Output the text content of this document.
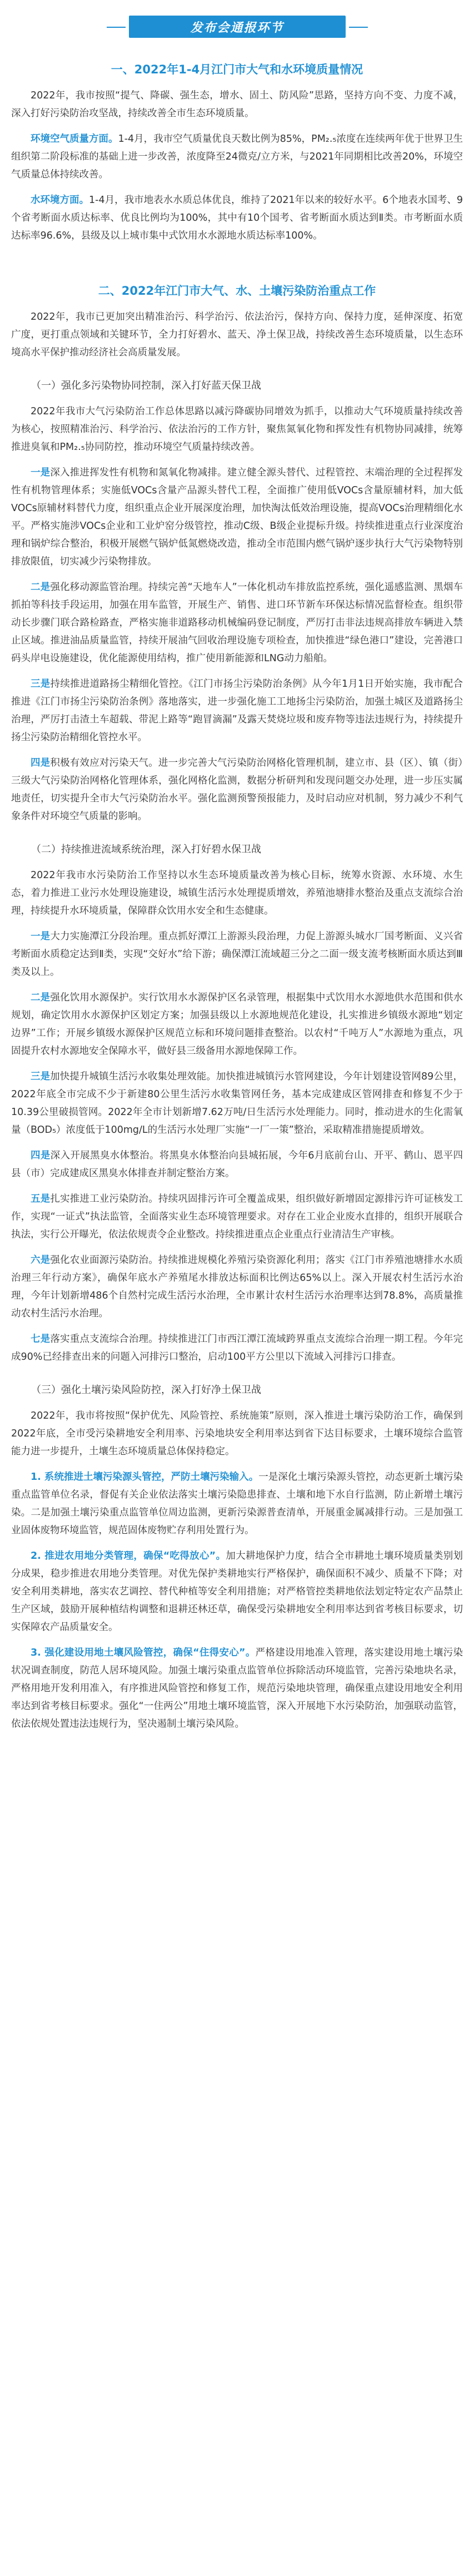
发布会通报环节
一、2022年1-4月江门市大气和水环境质量情况

2022年，我市按照“提气、降碳、强生态，增水、固土、防风险”思路，坚持方向不变、力度不减，深入打好污染防治攻坚战，持续改善全市生态环境质量。

环境空气质量方面。1-4月，我市空气质量优良天数比例为85%，PM₂.₅浓度在连续两年优于世界卫生组织第二阶段标准的基础上进一步改善，浓度降至24微克/立方米，与2021年同期相比改善20%，环境空气质量总体持续改善。

水环境方面。1-4月，我市地表水水质总体优良，维持了2021年以来的较好水平。6个地表水国考、9个省考断面水质达标率、优良比例均为100%，其中有10个国考、省考断面水质达到Ⅱ类。市考断面水质达标率96.6%，县级及以上城市集中式饮用水水源地水质达标率100%。

二、2022年江门市大气、水、土壤污染防治重点工作

2022年，我市已更加突出精准治污、科学治污、依法治污，保持方向、保持力度，延伸深度、拓宽广度，更打重点领域和关键环节，全力打好碧水、蓝天、净土保卫战，持续改善生态环境质量，以生态环境高水平保护推动经济社会高质量发展。

（一）强化多污染物协同控制，深入打好蓝天保卫战

2022年我市大气污染防治工作总体思路以减污降碳协同增效为抓手，以推动大气环境质量持续改善为核心，按照精准治污、科学治污、依法治污的工作方针，聚焦氮氧化物和挥发性有机物协同减排，统筹推进臭氧和PM₂.₅协同防控，推动环境空气质量持续改善。

一是深入推进挥发性有机物和氮氧化物减排。建立健全源头替代、过程管控、末端治理的全过程挥发性有机物管理体系；实施低VOCs含量产品源头替代工程，全面推广使用低VOCs含量原辅材料，加大低VOCs原辅材料替代力度，组织重点企业开展深度治理，加快淘汰低效治理设施，提高VOCs治理精细化水平。严格实施涉VOCs企业和工业炉窑分级管控，推动C级、B级企业提标升级。持续推进重点行业深度治理和锅炉综合整治，积极开展燃气锅炉低氮燃烧改造，推动全市范围内燃气锅炉逐步执行大气污染物特别排放限值，切实减少污染物排放。

二是强化移动源监管治理。持续完善“天地车人”一体化机动车排放监控系统，强化遥感监测、黑烟车抓拍等科技手段运用，加强在用车监管，开展生产、销售、进口环节新车环保达标情况监督检查。组织带动长步骤门联合路检路查，严格实施非道路移动机械编码登记制度，严厉打击非法违规高排放车辆进入禁止区域。推进油品质量监管，持续开展油气回收治理设施专项检查，加快推进“绿色港口”建设，完善港口码头岸电设施建设，优化能源使用结构，推广使用新能源和LNG动力船舶。

三是持续推进道路扬尘精细化管控。《江门市扬尘污染防治条例》从今年1月1日开始实施，我市配合推进《江门市扬尘污染防治条例》落地落实，进一步强化施工工地扬尘污染防治，加强土城区及道路扬尘治理，严厉打击渣土车超载、带泥上路等“跑冒滴漏”及露天焚烧垃圾和废弃物等违法违规行为，持续提升扬尘污染防治精细化管控水平。

四是积极有效应对污染天气。进一步完善大气污染防治网格化管理机制，建立市、县（区）、镇（街）三级大气污染防治网格化管理体系，强化网格化监测，数据分析研判和发现问题交办处理，进一步压实属地责任，切实提升全市大气污染防治水平。强化监测预警预报能力，及时启动应对机制，努力减少不利气象条件对环境空气质量的影响。

（二）持续推进流域系统治理，深入打好碧水保卫战

2022年我市水污染防治工作坚持以水生态环境质量改善为核心目标，统筹水资源、水环境、水生态，着力推进工业污水处理设施建设，城镇生活污水处理提质增效，养殖池塘排水整治及重点支流综合治理，持续提升水环境质量，保障群众饮用水安全和生态健康。

一是大力实施潭江分段治理。重点抓好潭江上游源头段治理，力促上游源头城水厂国考断面、义兴省考断面水质稳定达到Ⅱ类，实现“交好水”给下游；确保潭江流域超三分之二面一级支流考核断面水质达到Ⅲ类及以上。

二是强化饮用水源保护。实行饮用水水源保护区名录管理，根据集中式饮用水水源地供水范围和供水规划，确定饮用水水源保护区划定方案；加强县级以上水源地规范化建设，扎实推进乡镇级水源地“划定边界”工作；开展乡镇级水源保护区规范立标和环境问题排查整治。以农村“千吨万人”水源地为重点，巩固提升农村水源地安全保障水平，做好县三级备用水源地保障工作。

三是加快提升城镇生活污水收集处理效能。加快推进城镇污水管网建设，今年计划建设管网89公里，2022年底全市完成不少于新建80公里生活污水收集管网任务，基本完成建成区管网排查和修复不少于10.39公里破损管网。2022年全市计划新增7.62万吨/日生活污水处理能力。同时，推动进水的生化需氧量（BOD₅）浓度低于100mg/L的生活污水处理厂实施“一厂一策”整治，采取精准措施提质增效。

四是深入开展黑臭水体整治。将黑臭水体整治向县城拓展，今年6月底前台山、开平、鹤山、恩平四县（市）完成建成区黑臭水体排查并制定整治方案。

五是扎实推进工业污染防治。持续巩固排污许可全覆盖成果，组织做好新增固定源排污许可证核发工作，实现“一证式”执法监管，全面落实业生态环境管理要求。对存在工业企业废水直排的，组织开展联合执法，实行公开曝光，依法依规责令企业整改。持续推进重点企业重点行业清洁生产审核。

六是强化农业面源污染防治。持续推进规模化养殖污染资源化利用；落实《江门市养殖池塘排水水质治理三年行动方案》，确保年底水产养殖尾水排放达标面积比例达65%以上。深入开展农村生活污水治理，今年计划新增486个自然村完成生活污水治理，全市累计农村生活污水治理率达到78.8%，高质量推动农村生活污水治理。

七是落实重点支流综合治理。持续推进江门市西江潭江流域跨界重点支流综合治理一期工程。今年完成90%已经排查出来的问题入河排污口整治，启动100平方公里以下流域入河排污口排查。

（三）强化土壤污染风险防控，深入打好净土保卫战

2022年，我市将按照“保护优先、风险管控、系统施策”原则，深入推进土壤污染防治工作，确保到2022年底，全市受污染耕地安全利用率、污染地块安全利用率达到省下达目标要求，土壤环境综合监管能力进一步提升，土壤生态环境质量总体保持稳定。

1. 系统推进土壤污染源头管控，严防土壤污染输入。一是深化土壤污染源头管控，动态更新土壤污染重点监管单位名录，督促有关企业依法落实土壤污染隐患排查、土壤和地下水自行监测，防止新增土壤污染。二是加强土壤污染重点监管单位周边监测，更新污染源普查清单，开展重金属减排行动。三是加强工业固体废物环境监管，规范固体废物贮存利用处置行为。

2. 推进农用地分类管理，确保“吃得放心”。加大耕地保护力度，结合全市耕地土壤环境质量类别划分成果，稳步推进农用地分类管理。对优先保护类耕地实行严格保护，确保面积不减少、质量不下降；对安全利用类耕地，落实农艺调控、替代种植等安全利用措施；对严格管控类耕地依法划定特定农产品禁止生产区域，鼓励开展种植结构调整和退耕还林还草，确保受污染耕地安全利用率达到省考核目标要求，切实保障农产品质量安全。

3. 强化建设用地土壤风险管控，确保“住得安心”。严格建设用地准入管理，落实建设用地土壤污染状况调查制度，防范人居环境风险。加强土壤污染重点监管单位拆除活动环境监管，完善污染地块名录，严格用地开发利用准入，有序推进风险管控和修复工作，规范污染地块管理，确保重点建设用地安全利用率达到省考核目标要求。强化“一住两公”用地土壤环境监管，深入开展地下水污染防治，加强联动监管，依法依规处置违法违规行为，坚决遏制土壤污染风险。
